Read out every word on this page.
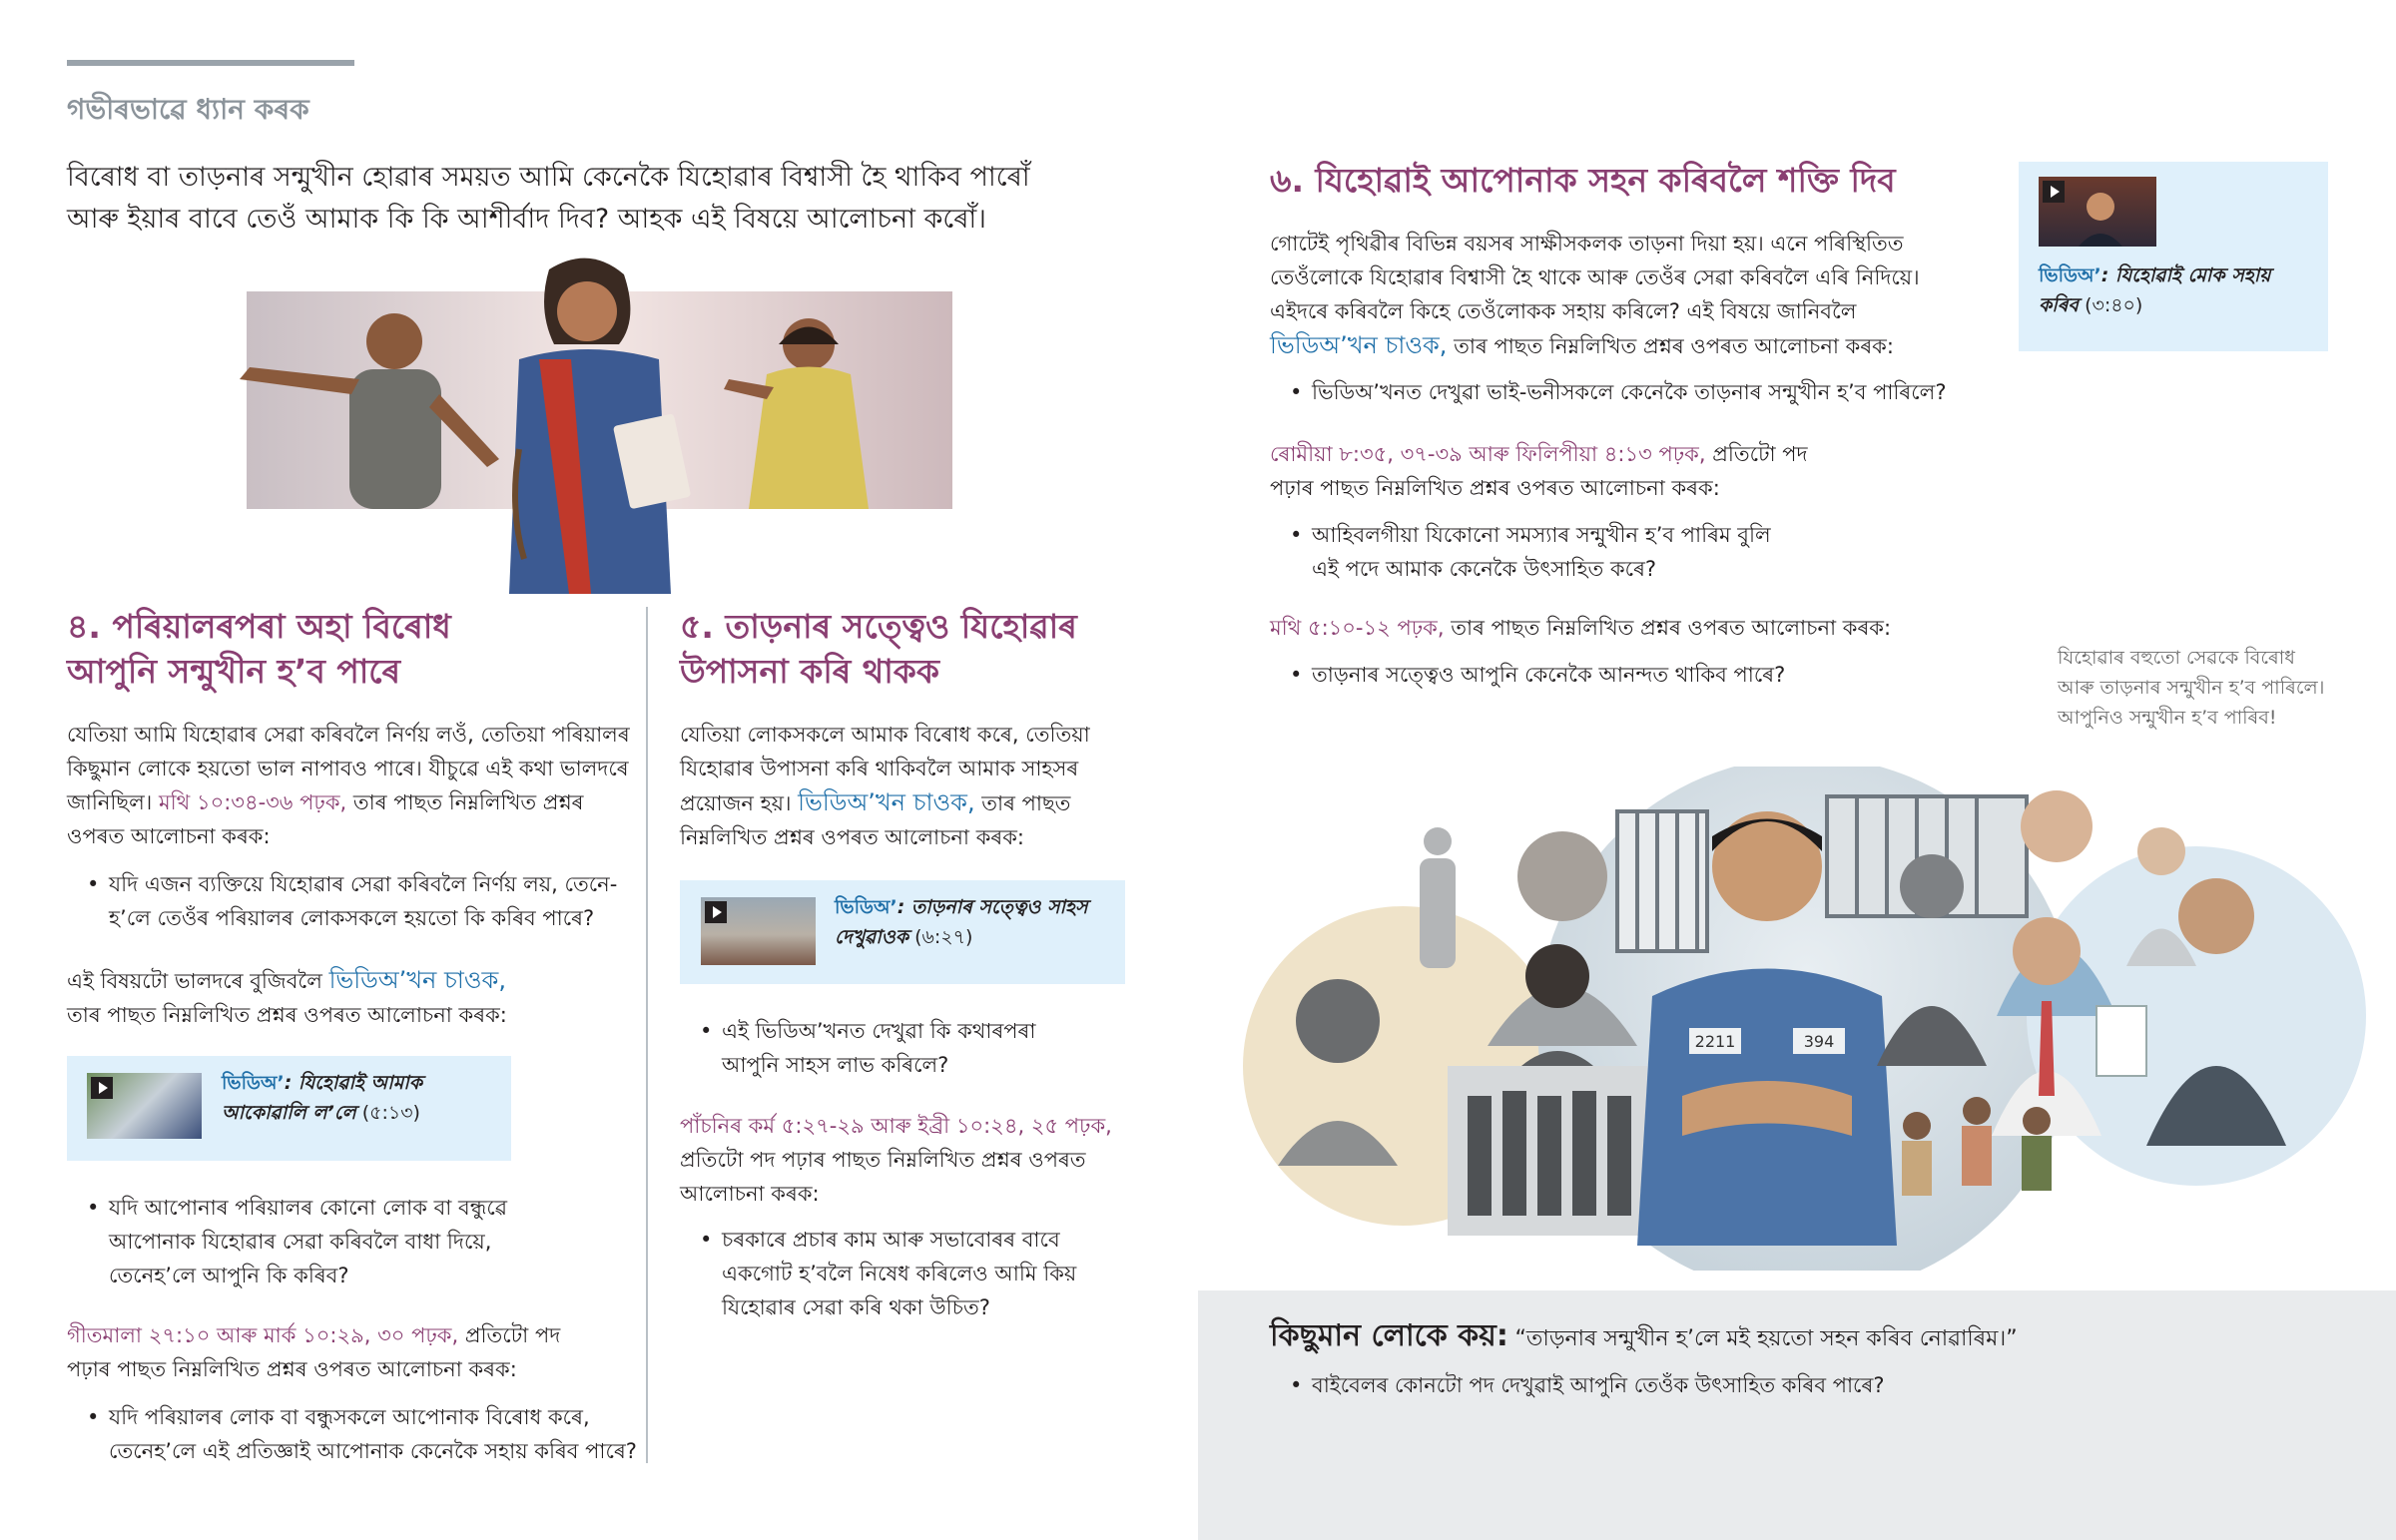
গভীৰভাৱে ধ্যান কৰক
বিৰোধ বা তাড়নাৰ সন্মুখীন হোৱাৰ সময়ত আমি কেনেকৈ যিহোৱাৰ বিশ্বাসী হৈ থাকিব পাৰোঁ
আৰু ইয়াৰ বাবে তেওঁ আমাক কি কি আশীৰ্বাদ দিব? আহক এই বিষয়ে আলোচনা কৰোঁ।
৪. পৰিয়ালৰপৰা অহা বিৰোধ
আপুনি সন্মুখীন হ’ব পাৰে
যেতিয়া আমি যিহোৱাৰ সেৱা কৰিবলৈ নিৰ্ণয় লওঁ, তেতিয়া পৰিয়ালৰ
কিছুমান লোকে হয়তো ভাল নাপাবও পাৰে। যীচুৱে এই কথা ভালদৰে
জানিছিল। মথি ১০:৩৪-৩৬ পঢ়ক, তাৰ পাছত নিম্নলিখিত প্ৰশ্নৰ
ওপৰত আলোচনা কৰক:
• যদি এজন ব্যক্তিয়ে যিহোৱাৰ সেৱা কৰিবলৈ নিৰ্ণয় লয়, তেনে-
হ’লে তেওঁৰ পৰিয়ালৰ লোকসকলে হয়তো কি কৰিব পাৰে?
এই বিষয়টো ভালদৰে বুজিবলৈ ভিডিঅ’খন চাওক,
তাৰ পাছত নিম্নলিখিত প্ৰশ্নৰ ওপৰত আলোচনা কৰক:
ভিডিঅ’: যিহোৱাই আমাক
আকোৱালি ল’লে (৫:১৩)
• যদি আপোনাৰ পৰিয়ালৰ কোনো লোক বা বন্ধুৱে
আপোনাক যিহোৱাৰ সেৱা কৰিবলৈ বাধা দিয়ে,
তেনেহ’লে আপুনি কি কৰিব?
গীতমালা ২৭:১০ আৰু মাৰ্ক ১০:২৯, ৩০ পঢ়ক, প্ৰতিটো পদ
পঢ়াৰ পাছত নিম্নলিখিত প্ৰশ্নৰ ওপৰত আলোচনা কৰক:
• যদি পৰিয়ালৰ লোক বা বন্ধুসকলে আপোনাক বিৰোধ কৰে,
তেনেহ’লে এই প্ৰতিজ্ঞাই আপোনাক কেনেকৈ সহায় কৰিব পাৰে?
৫. তাড়নাৰ সত্ত্বেও যিহোৱাৰ
উপাসনা কৰি থাকক
যেতিয়া লোকসকলে আমাক বিৰোধ কৰে, তেতিয়া
যিহোৱাৰ উপাসনা কৰি থাকিবলৈ আমাক সাহসৰ
প্ৰয়োজন হয়। ভিডিঅ’খন চাওক, তাৰ পাছত
নিম্নলিখিত প্ৰশ্নৰ ওপৰত আলোচনা কৰক:
ভিডিঅ’: তাড়নাৰ সত্ত্বেও সাহস
দেখুৱাওক (৬:২৭)
• এই ভিডিঅ’খনত দেখুৱা কি কথাৰপৰা
আপুনি সাহস লাভ কৰিলে?
পাঁচনিৰ কৰ্ম ৫:২৭-২৯ আৰু ইব্ৰী ১০:২৪, ২৫ পঢ়ক,
প্ৰতিটো পদ পঢ়াৰ পাছত নিম্নলিখিত প্ৰশ্নৰ ওপৰত
আলোচনা কৰক:
• চৰকাৰে প্ৰচাৰ কাম আৰু সভাবোৰৰ বাবে
একগোট হ’বলৈ নিষেধ কৰিলেও আমি কিয়
যিহোৱাৰ সেৱা কৰি থকা উচিত?
৬. যিহোৱাই আপোনাক সহন কৰিবলৈ শক্তি দিব
গোটেই পৃথিৱীৰ বিভিন্ন বয়সৰ সাক্ষীসকলক তাড়না দিয়া হয়। এনে পৰিস্থিতিত
তেওঁলোকে যিহোৱাৰ বিশ্বাসী হৈ থাকে আৰু তেওঁৰ সেৱা কৰিবলৈ এৰি নিদিয়ে।
এইদৰে কৰিবলৈ কিহে তেওঁলোকক সহায় কৰিলে? এই বিষয়ে জানিবলৈ
ভিডিঅ’খন চাওক, তাৰ পাছত নিম্নলিখিত প্ৰশ্নৰ ওপৰত আলোচনা কৰক:
• ভিডিঅ’খনত দেখুৱা ভাই-ভনীসকলে কেনেকৈ তাড়নাৰ সন্মুখীন হ’ব পাৰিলে?
ৰোমীয়া ৮:৩৫, ৩৭-৩৯ আৰু ফিলিপীয়া ৪:১৩ পঢ়ক, প্ৰতিটো পদ
পঢ়াৰ পাছত নিম্নলিখিত প্ৰশ্নৰ ওপৰত আলোচনা কৰক:
• আহিবলগীয়া যিকোনো সমস্যাৰ সন্মুখীন হ’ব পাৰিম বুলি
এই পদে আমাক কেনেকৈ উৎসাহিত কৰে?
মথি ৫:১০-১২ পঢ়ক, তাৰ পাছত নিম্নলিখিত প্ৰশ্নৰ ওপৰত আলোচনা কৰক:
• তাড়নাৰ সত্ত্বেও আপুনি কেনেকৈ আনন্দত থাকিব পাৰে?
ভিডিঅ’: যিহোৱাই মোক সহায়
কৰিব (৩:৪০)
যিহোৱাৰ বহুতো সেৱকে বিৰোধ
আৰু তাড়নাৰ সন্মুখীন হ’ব পাৰিলে।
আপুনিও সন্মুখীন হ’ব পাৰিব!
2211	394
কিছুমান লোকে কয়: “তাড়নাৰ সন্মুখীন হ’লে মই হয়তো সহন কৰিব নোৱাৰিম।”
• বাইবেলৰ কোনটো পদ দেখুৱাই আপুনি তেওঁক উৎসাহিত কৰিব পাৰে?
